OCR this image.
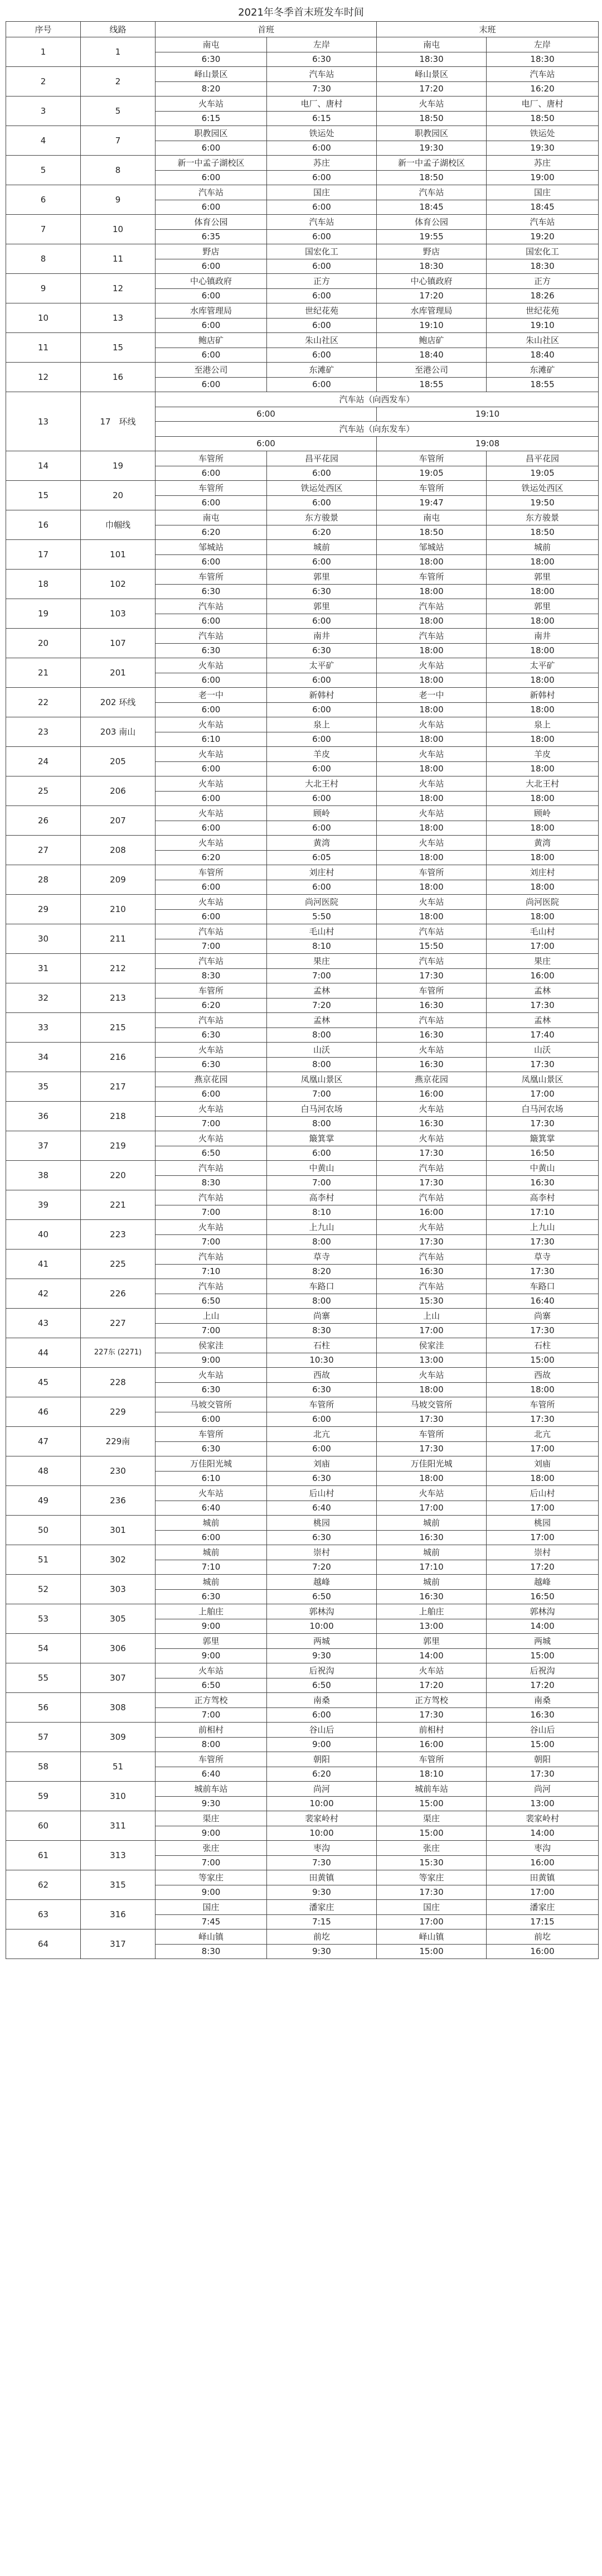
2021年冬季首末班发车时间
序号	线路	首班		末班	
1	1	南屯	左岸	南屯	左岸
		6:30	6:30	18:30	18:30
2	2	峄山景区	汽车站	峄山景区	汽车站
		8:20	7:30	17:20	16:20
3	5	火车站	电厂、唐村	火车站	电厂、唐村
		6:15	6:15	18:50	18:50
4	7	职教园区	铁运处	职教园区	铁运处
		6:00	6:00	19:30	19:30
5	8	新一中孟子湖校区	苏庄	新一中孟子湖校区	苏庄
		6:00	6:00	18:50	19:00
6	9	汽车站	国庄	汽车站	国庄
		6:00	6:00	18:45	18:45
7	10	体育公园	汽车站	体育公园	汽车站
		6:35	6:00	19:55	19:20
8	11	野店	国宏化工	野店	国宏化工
		6:00	6:00	18:30	18:30
9	12	中心镇政府	正方	中心镇政府	正方
		6:00	6:00	17:20	18:26
10	13	水库管理局	世纪花苑	水库管理局	世纪花苑
		6:00	6:00	19:10	19:10
11	15	鲍店矿	朱山社区	鲍店矿	朱山社区
		6:00	6:00	18:40	18:40
12	16	至港公司	东滩矿	至港公司	东滩矿
		6:00	6:00	18:55	18:55
13	17　环线	汽车站（向西发车）			
		6:00		19:10	
		汽车站（向东发车）			
		6:00		19:08	
14	19	车管所	昌平花园	车管所	昌平花园
		6:00	6:00	19:05	19:05
15	20	车管所	铁运处西区	车管所	铁运处西区
		6:00	6:00	19:47	19:50
16	巾帼线	南屯	东方骏景	南屯	东方骏景
		6:20	6:20	18:50	18:50
17	101	邹城站	城前	邹城站	城前
		6:00	6:00	18:00	18:00
18	102	车管所	郭里	车管所	郭里
		6:30	6:30	18:00	18:00
19	103	汽车站	郭里	汽车站	郭里
		6:00	6:00	18:00	18:00
20	107	汽车站	南井	汽车站	南井
		6:30	6:30	18:00	18:00
21	201	火车站	太平矿	火车站	太平矿
		6:00	6:00	18:00	18:00
22	202 环线	老一中	新韩村	老一中	新韩村
		6:00	6:00	18:00	18:00
23	203 南山	火车站	泉上	火车站	泉上
		6:10	6:00	18:00	18:00
24	205	火车站	羊皮	火车站	羊皮
		6:00	6:00	18:00	18:00
25	206	火车站	大北王村	火车站	大北王村
		6:00	6:00	18:00	18:00
26	207	火车站	顾岭	火车站	顾岭
		6:00	6:00	18:00	18:00
27	208	火车站	黄湾	火车站	黄湾
		6:20	6:05	18:00	18:00
28	209	车管所	刘庄村	车管所	刘庄村
		6:00	6:00	18:00	18:00
29	210	火车站	尚河医院	火车站	尚河医院
		6:00	5:50	18:00	18:00
30	211	汽车站	毛山村	汽车站	毛山村
		7:00	8:10	15:50	17:00
31	212	汽车站	果庄	汽车站	果庄
		8:30	7:00	17:30	16:00
32	213	车管所	孟林	车管所	孟林
		6:20	7:20	16:30	17:30
33	215	汽车站	孟林	汽车站	孟林
		6:30	8:00	16:30	17:40
34	216	火车站	山沃	火车站	山沃
		6:30	8:00	16:30	17:30
35	217	燕京花园	凤凰山景区	燕京花园	凤凰山景区
		6:00	7:00	16:00	17:00
36	218	火车站	白马河农场	火车站	白马河农场
		7:00	8:00	16:30	17:30
37	219	火车站	簸箕掌	火车站	簸箕掌
		6:50	6:00	17:30	16:50
38	220	汽车站	中黄山	汽车站	中黄山
		8:30	7:00	17:30	16:30
39	221	汽车站	高李村	汽车站	高李村
		7:00	8:10	16:00	17:10
40	223	火车站	上九山	火车站	上九山
		7:00	8:00	17:30	17:30
41	225	汽车站	草寺	汽车站	草寺
		7:10	8:20	16:30	17:30
42	226	汽车站	车路口	汽车站	车路口
		6:50	8:00	15:30	16:40
43	227	上山	尚寨	上山	尚寨
		7:00	8:30	17:00	17:30
44	227东 (2271)	侯家洼	石柱	侯家洼	石柱
		9:00	10:30	13:00	15:00
45	228	火车站	西故	火车站	西故
		6:30	6:30	18:00	18:00
46	229	马坡交管所	车管所	马坡交管所	车管所
		6:00	6:00	17:30	17:30
47	229南	车管所	北亢	车管所	北亢
		6:30	6:00	17:30	17:00
48	230	万佳阳光城	刘庙	万佳阳光城	刘庙
		6:10	6:30	18:00	18:00
49	236	火车站	后山村	火车站	后山村
		6:40	6:40	17:00	17:00
50	301	城前	桃园	城前	桃园
		6:00	6:30	16:30	17:00
51	302	城前	崇村	城前	崇村
		7:10	7:20	17:10	17:20
52	303	城前	越峰	城前	越峰
		6:30	6:50	16:30	16:50
53	305	上舶庄	郭林沟	上舶庄	郭林沟
		9:00	10:00	13:00	14:00
54	306	郭里	两城	郭里	两城
		9:00	9:30	14:00	15:00
55	307	火车站	后祝沟	火车站	后祝沟
		6:50	6:50	17:20	17:20
56	308	正方驾校	南桑	正方驾校	南桑
		7:00	6:00	17:30	16:30
57	309	前相村	谷山后	前相村	谷山后
		8:00	9:00	16:00	15:00
58	51	车管所	朝阳	车管所	朝阳
		6:40	6:20	18:10	17:30
59	310	城前车站	尚河	城前车站	尚河
		9:30	10:00	15:00	13:00
60	311	渠庄	裴家岭村	渠庄	裴家岭村
		9:00	10:00	15:00	14:00
61	313	张庄	枣沟	张庄	枣沟
		7:00	7:30	15:30	16:00
62	315	等家庄	田黄镇	等家庄	田黄镇
		9:00	9:30	17:30	17:00
63	316	国庄	潘家庄	国庄	潘家庄
		7:45	7:15	17:00	17:15
64	317	峄山镇	前圪	峄山镇	前圪
		8:30	9:30	15:00	16:00
